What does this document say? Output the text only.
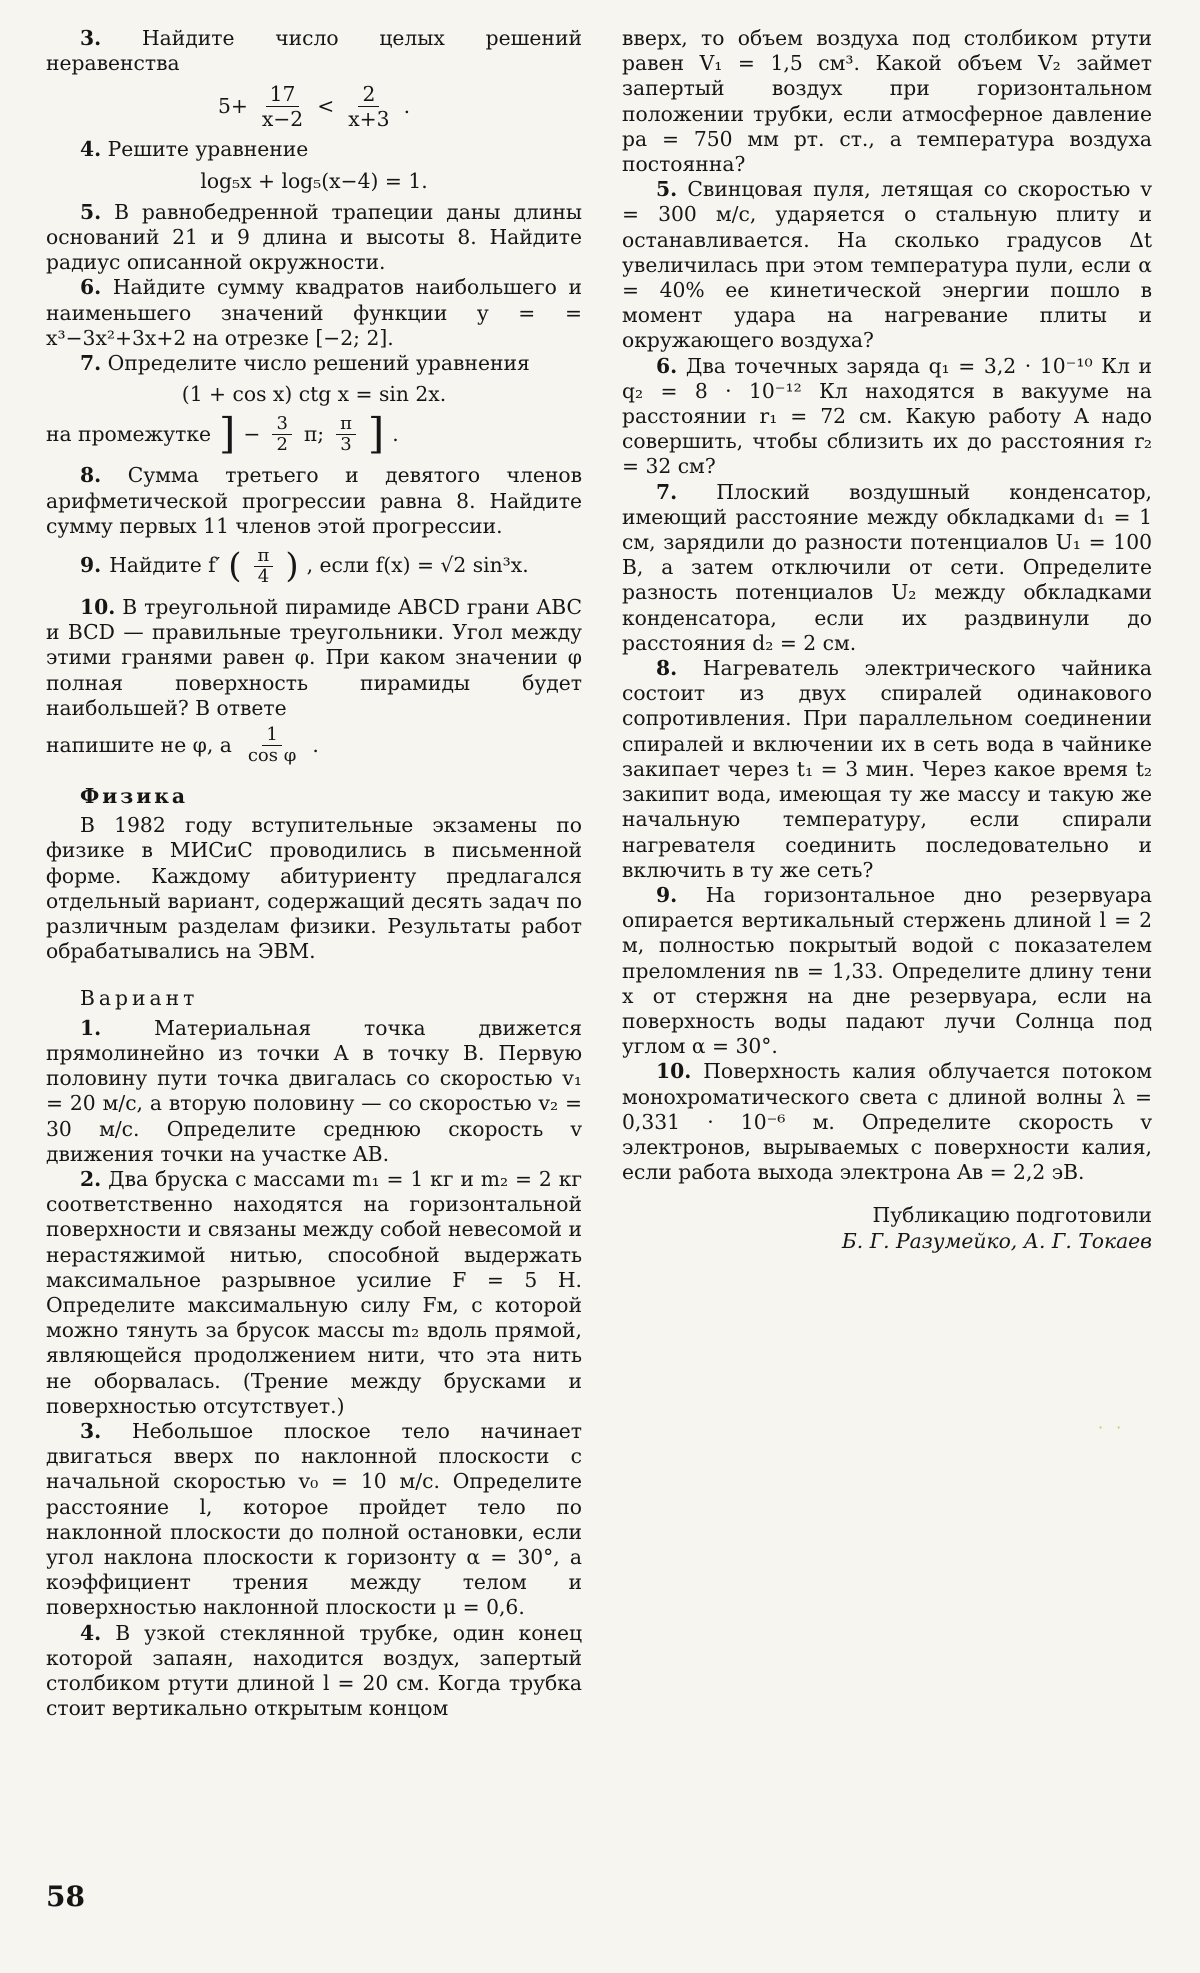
3. Найдите число целых решений неравенства

$5+ \frac{17}{x-2} < \frac{2}{x+3}$ .

4. Решите уравнение

log₅x + log₅(x−4) = 1.

5. В равнобедренной трапеции даны длины оснований 21 и 9 длина и высоты 8. Найдите радиус описанной окружности.

6. Найдите сумму квадратов наибольшего и наименьшего значений функции y = = x³−3x²+3x+2 на отрезке [−2; 2].

7. Определите число решений уравнения

(1 + cos x) ctg x = sin 2x.
на промежутке ] − $\frac{3}{2} \pi$; $\frac{\pi}{3}$ ] .

8. Сумма третьего и девятого членов арифметической прогрессии равна 8. Найдите сумму первых 11 членов этой прогрессии.

9. Найдите f′ ( $\frac{\pi}{4}$ ) , если f(x) = √2 sin³x.

10. В треугольной пирамиде ABCD грани ABC и BCD — правильные треугольники. Угол между этими гранями равен φ. При каком значении φ полная поверхность пирамиды будет наибольшей? В ответе

напишите не φ, а $\frac{1}{\text{cos φ}}$ .
Физика

В 1982 году вступительные экзамены по физике в МИСиС проводились в письменной форме. Каждому абитуриенту предлагался отдельный вариант, содержащий десять задач по различным разделам физики. Результаты работ обрабатывались на ЭВМ.

Вариант

1.	Материальная точка движется прямолинейно из точки A в точку B. Первую половину пути точка двигалась со скоростью v₁ = 20 м/с, а вторую половину — со скоростью v₂ = 30 м/с. Определите среднюю скорость v движения точки на участке AB.

2. Два бруска с массами m₁ = 1 кг и m₂ = 2 кг соответственно находятся на горизонтальной поверхности и связаны между собой невесомой и нерастяжимой нитью, способной выдержать максимальное разрывное усилие F = 5 Н. Определите максимальную силу Fм, с которой можно тянуть за брусок массы m₂ вдоль прямой, являющейся продолжением нити, что эта нить не оборвалась. (Трение между брусками и поверхностью отсутствует.)

3. Небольшое плоское тело начинает двигаться вверх по наклонной плоскости с начальной скоростью v₀ = 10 м/с. Определите расстояние l, которое пройдет тело по наклонной плоскости до полной остановки, если угол наклона плоскости к горизонту α = 30°, а коэффициент трения между телом и поверхностью наклонной плоскости μ = 0,6.

4. В узкой стеклянной трубке, один конец которой запаян, находится воздух, запертый столбиком ртути длиной l = 20 см. Когда трубка стоит вертикально открытым концом

вверх, то объем воздуха под столбиком ртути равен V₁ = 1,5 см³. Какой объем V₂ займет запертый воздух при горизонтальном положении трубки, если атмосферное давление pа = 750 мм рт. ст., а температура воздуха постоянна?

5. Свинцовая пуля, летящая со скоростью v = 300 м/с, ударяется о стальную плиту и останавливается. На сколько градусов Δt увеличилась при этом температура пули, если α = 40% ее кинетической энергии пошло в момент удара на нагревание плиты и окружающего воздуха?

6. Два точечных заряда q₁ = 3,2 · 10⁻¹⁰ Кл и q₂ = 8 · 10⁻¹² Кл находятся в вакууме на расстоянии r₁ = 72 см. Какую работу A надо совершить, чтобы сблизить их до расстояния r₂ = 32 см?

7. Плоский воздушный конденсатор, имеющий расстояние между обкладками d₁ = 1 см, зарядили до разности потенциалов U₁ = 100 В, а затем отключили от сети. Определите разность потенциалов U₂ между обкладками конденсатора, если их раздвинули до расстояния d₂ = 2 см.

8. Нагреватель электрического чайника состоит из двух спиралей одинакового сопротивления. При параллельном соединении спиралей и включении их в сеть вода в чайнике закипает через t₁ = 3 мин. Через какое время t₂ закипит вода, имеющая ту же массу и такую же начальную температуру, если спирали нагревателя соединить последовательно и включить в ту же сеть?

9. На горизонтальное дно резервуара опирается вертикальный стержень длиной l = 2 м, полностью покрытый водой с показателем преломления nв = 1,33. Определите длину тени x от стержня на дне резервуара, если на поверхность воды падают лучи Солнца под углом α = 30°.

10. Поверхность калия облучается потоком монохроматического света с длиной волны λ = 0,331 · 10⁻⁶ м. Определите скорость v электронов, вырываемых с поверхности калия, если работа выхода электрона Aв = 2,2 эВ.

Публикацию подготовили
Б. Г. Разумейко, А. Г. Токаев
· ·
58
